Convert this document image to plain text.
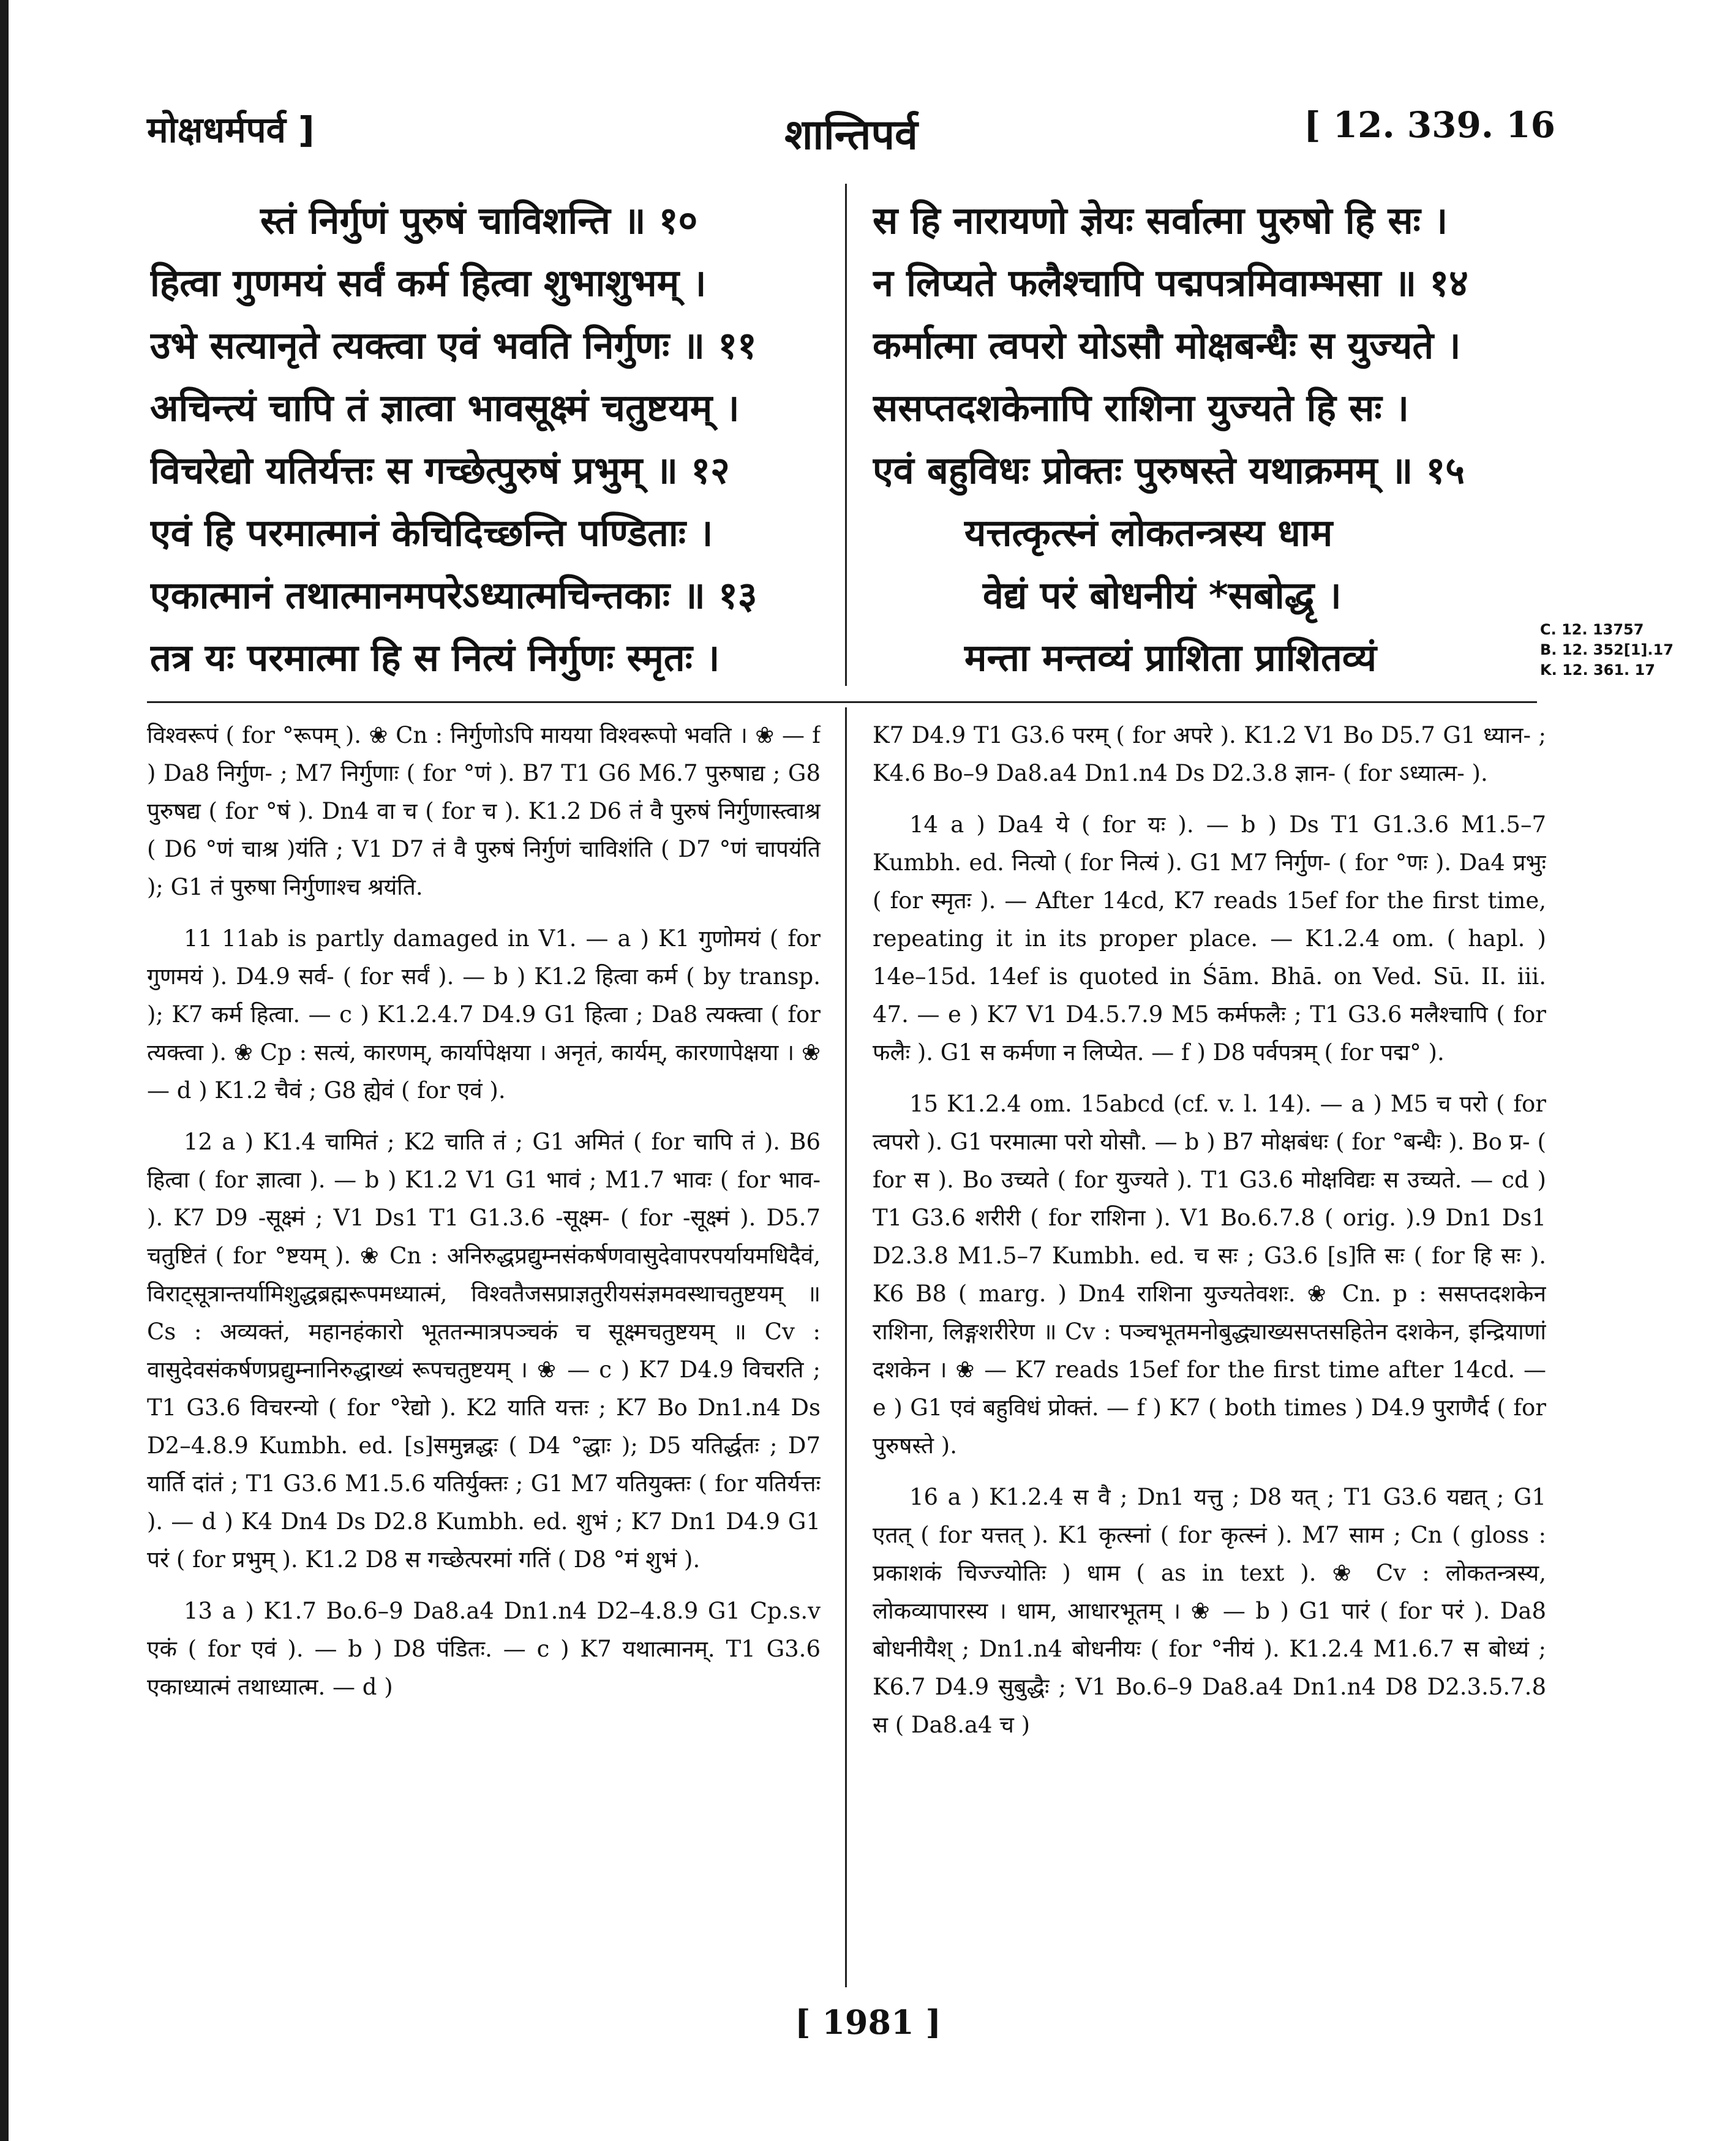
मोक्षधर्मपर्व ]	शान्तिपर्व	[ 12. 339. 16
स्तं निर्गुणं पुरुषं चाविशन्ति ॥ १०
हित्वा गुणमयं सर्वं कर्म हित्वा शुभाशुभम् ।
उभे सत्यानृते त्यक्त्वा एवं भवति निर्गुणः ॥ ११
अचिन्त्यं चापि तं ज्ञात्वा भावसूक्ष्मं चतुष्टयम् ।
विचरेद्यो यतिर्यत्तः स गच्छेत्पुरुषं प्रभुम् ॥ १२
एवं हि परमात्मानं केचिदिच्छन्ति पण्डिताः ।
एकात्मानं तथात्मानमपरेऽध्यात्मचिन्तकाः ॥ १३
तत्र यः परमात्मा हि स नित्यं निर्गुणः स्मृतः ।
स हि नारायणो ज्ञेयः सर्वात्मा पुरुषो हि सः ।
न लिप्यते फलैश्चापि पद्मपत्रमिवाम्भसा ॥ १४
कर्मात्मा त्वपरो योऽसौ मोक्षबन्धैः स युज्यते ।
ससप्तदशकेनापि राशिना युज्यते हि सः ।
एवं बहुविधः प्रोक्तः पुरुषस्ते यथाक्रमम् ॥ १५
यत्तत्कृत्स्नं लोकतन्त्रस्य धाम
वेद्यं परं बोधनीयं *सबोद्धृ ।
मन्ता मन्तव्यं प्राशिता प्राशितव्यं
C. 12. 13757
B. 12. 352[1].17
K. 12. 361. 17

विश्वरूपं ( for °रूपम् ). ❀ Cn : निर्गुणोऽपि मायया विश्वरूपो भवति । ❀ — f ) Da8 निर्गुण- ; M7 निर्गुणाः ( for °णं ). B7 T1 G6 M6.7 पुरुषाद्य ; G8 पुरुषद्य ( for °षं ). Dn4 वा च ( for च ). K1.2 D6 तं वै पुरुषं निर्गुणास्त्वाश्र ( D6 °णं चाश्र )यंति ; V1 D7 तं वै पुरुषं निर्गुणं चाविशंति ( D7 °णं चापयंति ); G1 तं पुरुषा निर्गुणाश्च श्रयंति.

11 11ab is partly damaged in V1. — a ) K1 गुणोमयं ( for गुणमयं ). D4.9 सर्व- ( for सर्वं ). — b ) K1.2 हित्वा कर्म ( by transp. ); K7 कर्म हित्वा. — c ) K1.2.4.7 D4.9 G1 हित्वा ; Da8 त्यक्त्वा ( for त्यक्त्वा ). ❀ Cp : सत्यं, कारणम्, कार्यापेक्षया । अनृतं, कार्यम्, कारणापेक्षया । ❀ — d ) K1.2 चैवं ; G8 ह्येवं ( for एवं ).

12 a ) K1.4 चामितं ; K2 चाति तं ; G1 अमितं ( for चापि तं ). B6 हित्वा ( for ज्ञात्वा ). — b ) K1.2 V1 G1 भावं ; M1.7 भावः ( for भाव- ). K7 D9 -सूक्ष्मं ; V1 Ds1 T1 G1.3.6 -सूक्ष्म- ( for -सूक्ष्मं ). D5.7 चतुष्टितं ( for °ष्टयम् ). ❀ Cn : अनिरुद्धप्रद्युम्नसंकर्षणवासुदेवापरपर्यायमधिदैवं, विराट्सूत्रान्तर्यामिशुद्धब्रह्मरूपमध्यात्मं, विश्वतैजसप्राज्ञतुरीयसंज्ञमवस्थाचतुष्टयम् ॥ Cs : अव्यक्तं, महानहंकारो भूततन्मात्रपञ्चकं च सूक्ष्मचतुष्टयम् ॥ Cv : वासुदेवसंकर्षणप्रद्युम्नानिरुद्धाख्यं रूपचतुष्टयम् । ❀ — c ) K7 D4.9 विचरति ; T1 G3.6 विचरन्यो ( for °रेद्यो ). K2 याति यत्तः ; K7 Bo Dn1.n4 Ds D2–4.8.9 Kumbh. ed. [s]समुन्नद्धः ( D4 °द्धाः ); D5 यतिर्द्धतः ; D7 यार्ति दांतं ; T1 G3.6 M1.5.6 यतिर्युक्तः ; G1 M7 यतियुक्तः ( for यतिर्यत्तः ). — d ) K4 Dn4 Ds D2.8 Kumbh. ed. शुभं ; K7 Dn1 D4.9 G1 परं ( for प्रभुम् ). K1.2 D8 स गच्छेत्परमां गतिं ( D8 °मं शुभं ).

13 a ) K1.7 Bo.6–9 Da8.a4 Dn1.n4 D2–4.8.9 G1 Cp.s.v एकं ( for एवं ). — b ) D8 पंडितः. — c ) K7 यथात्मानम्. T1 G3.6 एकाध्यात्मं तथाध्यात्म. — d )

K7 D4.9 T1 G3.6 परम् ( for अपरे ). K1.2 V1 Bo D5.7 G1 ध्यान- ; K4.6 Bo–9 Da8.a4 Dn1.n4 Ds D2.3.8 ज्ञान- ( for ऽध्यात्म- ).

14 a ) Da4 ये ( for यः ). — b ) Ds T1 G1.3.6 M1.5–7 Kumbh. ed. नित्यो ( for नित्यं ). G1 M7 निर्गुण- ( for °णः ). Da4 प्रभुः ( for स्मृतः ). — After 14cd, K7 reads 15ef for the first time, repeating it in its proper place. — K1.2.4 om. ( hapl. ) 14e–15d. 14ef is quoted in Śām. Bhā. on Ved. Sū. II. iii. 47. — e ) K7 V1 D4.5.7.9 M5 कर्मफलैः ; T1 G3.6 मलैश्चापि ( for फलैः ). G1 स कर्मणा न लिप्येत. — f ) D8 पर्वपत्रम् ( for पद्म° ).

15 K1.2.4 om. 15abcd (cf. v. l. 14). — a ) M5 च परो ( for त्वपरो ). G1 परमात्मा परो योसौ. — b ) B7 मोक्षबंधः ( for °बन्धैः ). Bo प्र- ( for स ). Bo उच्यते ( for युज्यते ). T1 G3.6 मोक्षविद्यः स उच्यते. — cd ) T1 G3.6 शरीरी ( for राशिना ). V1 Bo.6.7.8 ( orig. ).9 Dn1 Ds1 D2.3.8 M1.5–7 Kumbh. ed. च सः ; G3.6 [s]ति सः ( for हि सः ). K6 B8 ( marg. ) Dn4 राशिना युज्यतेवशः. ❀ Cn. p : ससप्तदशकेन राशिना, लिङ्गशरीरेण ॥ Cv : पञ्चभूतमनोबुद्ध्याख्यसप्तसहितेन दशकेन, इन्द्रियाणां दशकेन । ❀ — K7 reads 15ef for the first time after 14cd. — e ) G1 एवं बहुविधं प्रोक्तं. — f ) K7 ( both times ) D4.9 पुराणैर्द ( for पुरुषस्ते ).

16 a ) K1.2.4 स वै ; Dn1 यत्तु ; D8 यत् ; T1 G3.6 यद्यत् ; G1 एतत् ( for यत्तत् ). K1 कृत्स्नां ( for कृत्स्नं ). M7 साम ; Cn ( gloss : प्रकाशकं चिज्ज्योतिः ) धाम ( as in text ). ❀ Cv : लोकतन्त्रस्य, लोकव्यापारस्य । धाम, आधारभूतम् । ❀ — b ) G1 पारं ( for परं ). Da8 बोधनीयैश् ; Dn1.n4 बोधनीयः ( for °नीयं ). K1.2.4 M1.6.7 स बोध्यं ; K6.7 D4.9 सुबुद्धैः ; V1 Bo.6–9 Da8.a4 Dn1.n4 D8 D2.3.5.7.8 स ( Da8.a4 च )

[ 1981 ]
